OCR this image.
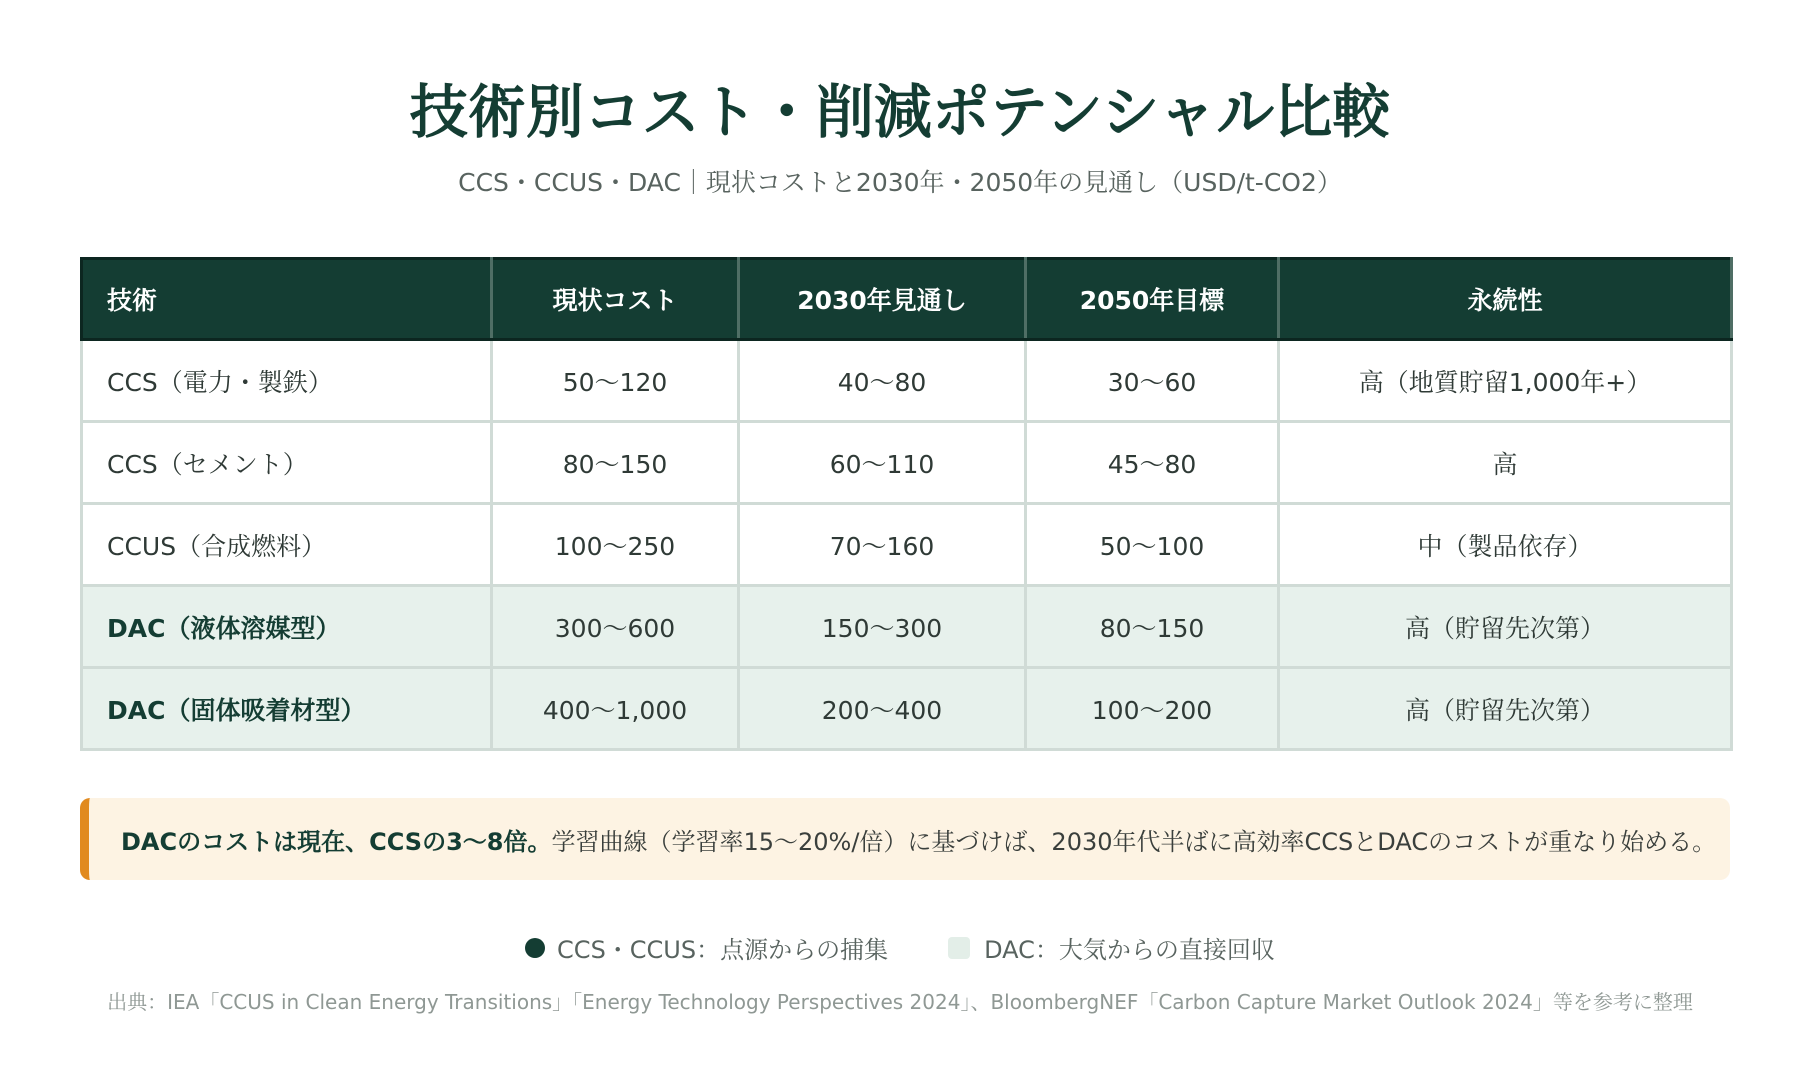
技術別コスト・削減ポテンシャル比較
CCS・CCUS・DAC｜現状コストと2030年・2050年の見通し（USD/t-CO2）
技術	現状コスト	2030年見通し	2050年目標	永続性
CCS（電力・製鉄）	50〜120	40〜80	30〜60	高（地質貯留1,000年+）
CCS（セメント）	80〜150	60〜110	45〜80	高
CCUS（合成燃料）	100〜250	70〜160	50〜100	中（製品依存）
DAC（液体溶媒型）	300〜600	150〜300	80〜150	高（貯留先次第）
DAC（固体吸着材型）	400〜1,000	200〜400	100〜200	高（貯留先次第）
DACのコストは現在、CCSの3〜8倍。 学習曲線（学習率15〜20%/倍）に基づけば、2030年代半ばに高効率CCSとDACのコストが重なり始める。
CCS・CCUS：点源からの捕集	DAC：大気からの直接回収
出典：IEA「CCUS in Clean Energy Transitions」「Energy Technology Perspectives 2024」、BloombergNEF「Carbon Capture Market Outlook 2024」等を参考に整理
